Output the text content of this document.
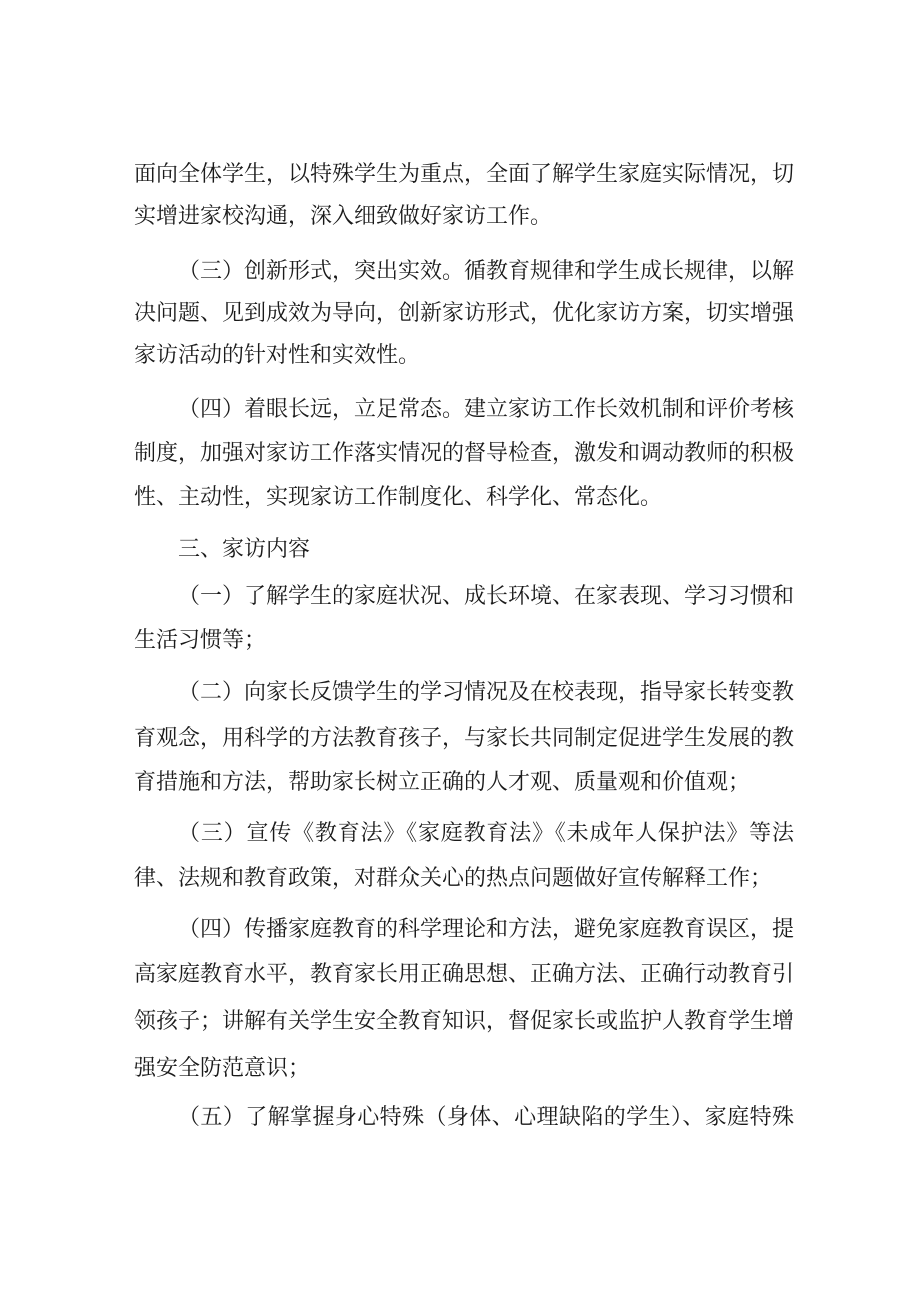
面向全体学生，以特殊学生为重点，全面了解学生家庭实际情况，切
实增进家校沟通，深入细致做好家访工作。
（三）创新形式，突出实效。循教育规律和学生成长规律，以解
决问题、见到成效为导向，创新家访形式，优化家访方案，切实增强
家访活动的针对性和实效性。
（四）着眼长远，立足常态。建立家访工作长效机制和评价考核
制度，加强对家访工作落实情况的督导检查，激发和调动教师的积极
性、主动性，实现家访工作制度化、科学化、常态化。
三、家访内容
（一）了解学生的家庭状况、成长环境、在家表现、学习习惯和
生活习惯等；
（二）向家长反馈学生的学习情况及在校表现，指导家长转变教
育观念，用科学的方法教育孩子，与家长共同制定促进学生发展的教
育措施和方法，帮助家长树立正确的人才观、质量观和价值观；
（三）宣传《教育法》《家庭教育法》《未成年人保护法》等法
律、法规和教育政策，对群众关心的热点问题做好宣传解释工作；
（四）传播家庭教育的科学理论和方法，避免家庭教育误区，提
高家庭教育水平，教育家长用正确思想、正确方法、正确行动教育引
领孩子；讲解有关学生安全教育知识，督促家长或监护人教育学生增
强安全防范意识；
（五）了解掌握身心特殊（身体、心理缺陷的学生）、家庭特殊
